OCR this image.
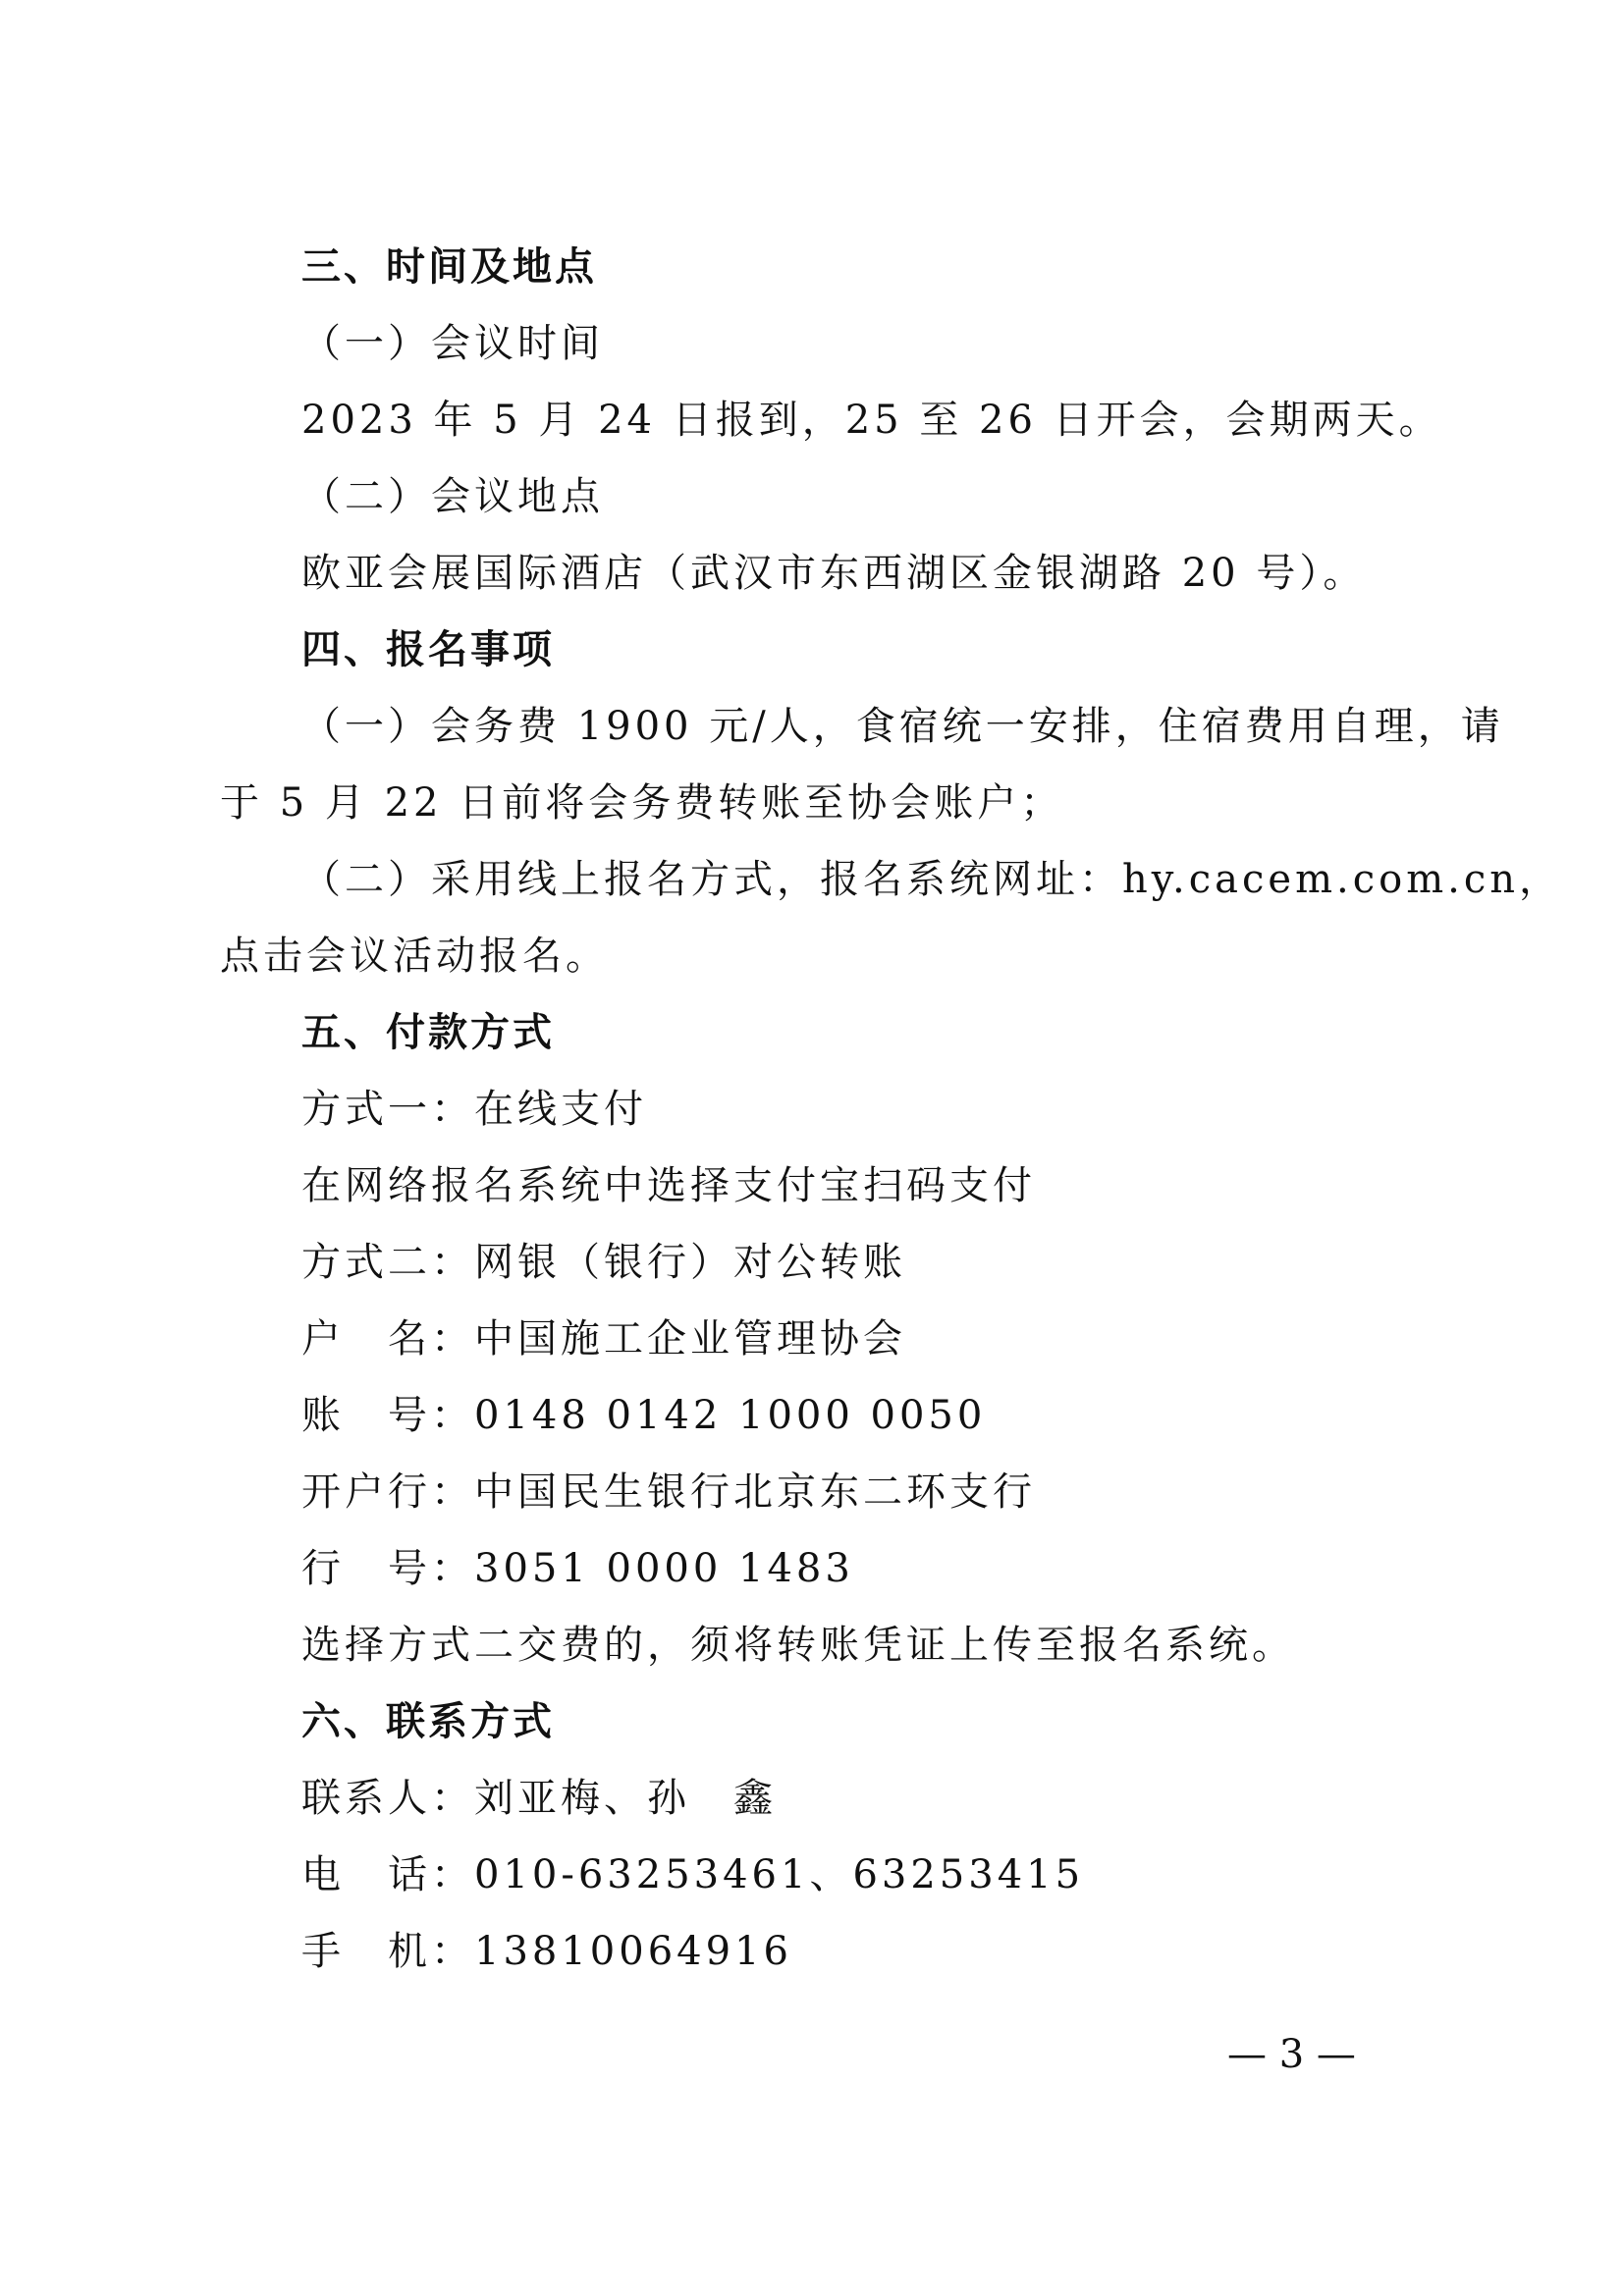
三、时间及地点
（一）会议时间
2023 年 5 月 24 日报到，25 至 26 日开会，会期两天。
（二）会议地点
欧亚会展国际酒店（武汉市东西湖区金银湖路 20 号）。
四、报名事项
（一）会务费 1900 元/人，食宿统一安排，住宿费用自理，请
于 5 月 22 日前将会务费转账至协会账户；
（二）采用线上报名方式，报名系统网址：hy.cacem.com.cn，
点击会议活动报名。
五、付款方式
方式一：在线支付
在网络报名系统中选择支付宝扫码支付
方式二：网银（银行）对公转账
户　名：中国施工企业管理协会
账　号：0148 0142 1000 0050
开户行：中国民生银行北京东二环支行
行　号：3051 0000 1483
选择方式二交费的，须将转账凭证上传至报名系统。
六、联系方式
联系人：刘亚梅、孙　鑫
电　话：010-63253461、63253415
手　机：13810064916
— 3 —
